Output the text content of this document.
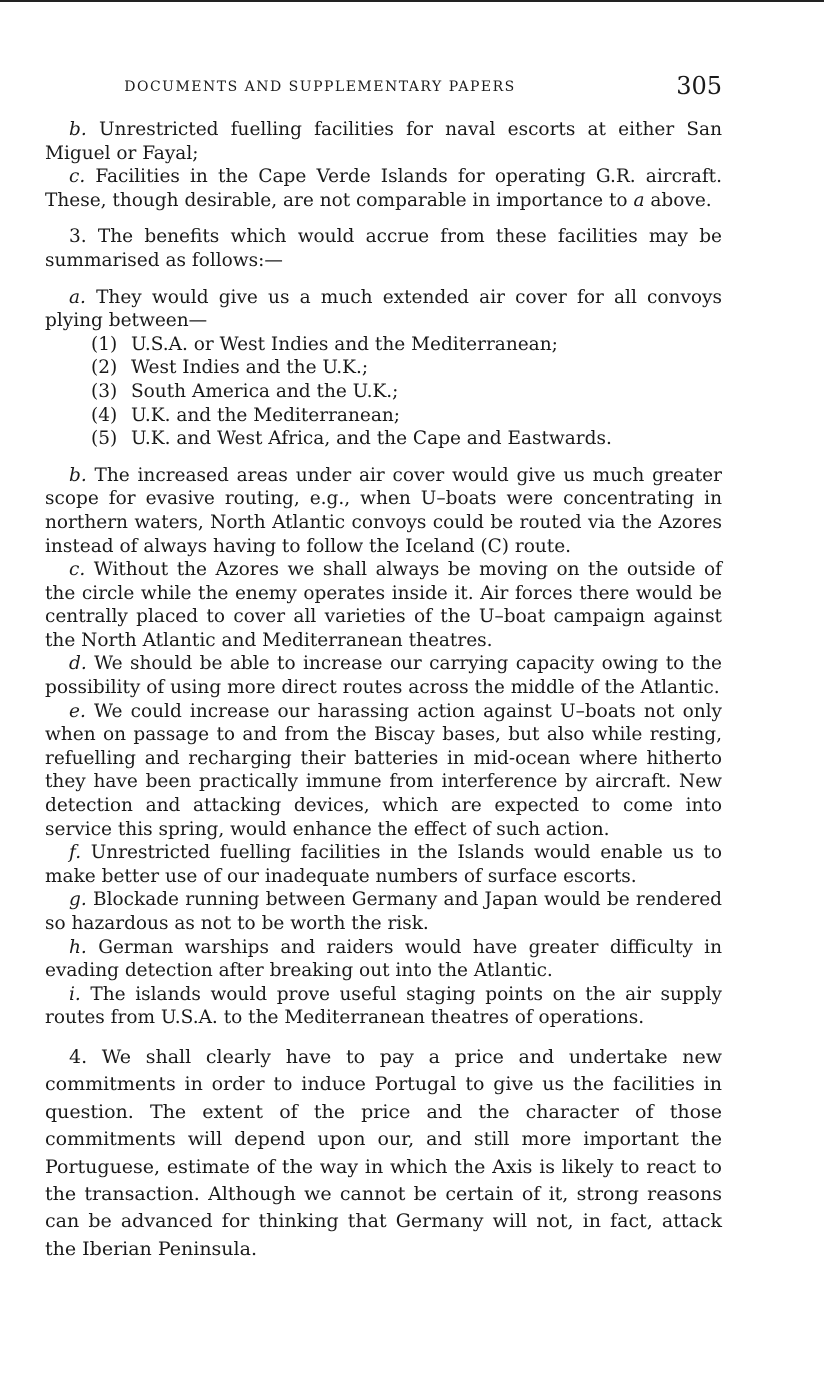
DOCUMENTS AND SUPPLEMENTARY PAPERS	305

b. Unrestricted fuelling facilities for naval escorts at either San Miguel or Fayal;

c. Facilities in the Cape Verde Islands for operating G.R. aircraft. These, though desirable, are not comparable in importance to a above.

3. The benefits which would accrue from these facilities may be summarised as follows:—

a. They would give us a much extended air cover for all convoys plying between—

(1) U.S.A. or West Indies and the Mediterranean;
(2) West Indies and the U.K.;
(3) South America and the U.K.;
(4) U.K. and the Mediterranean;
(5) U.K. and West Africa, and the Cape and Eastwards.

b. The increased areas under air cover would give us much greater scope for evasive routing, e.g., when U–boats were concentrating in northern waters, North Atlantic convoys could be routed via the Azores instead of always having to follow the Iceland (C) route.

c. Without the Azores we shall always be moving on the outside of the circle while the enemy operates inside it. Air forces there would be centrally placed to cover all varieties of the U–boat campaign against the North Atlantic and Mediterranean theatres.

d. We should be able to increase our carrying capacity owing to the possibility of using more direct routes across the middle of the Atlantic.

e. We could increase our harassing action against U–boats not only when on passage to and from the Biscay bases, but also while resting, refuelling and recharging their batteries in mid-ocean where hitherto they have been practically immune from interference by aircraft. New detection and attacking devices, which are expected to come into service this spring, would enhance the effect of such action.

f. Unrestricted fuelling facilities in the Islands would enable us to make better use of our inadequate numbers of surface escorts.

g. Blockade running between Germany and Japan would be rendered so hazardous as not to be worth the risk.

h. German warships and raiders would have greater difficulty in evading detection after breaking out into the Atlantic.

i. The islands would prove useful staging points on the air supply routes from U.S.A. to the Mediterranean theatres of operations.

4. We shall clearly have to pay a price and undertake new commitments in order to induce Portugal to give us the facilities in question. The extent of the price and the character of those commitments will depend upon our, and still more important the Portuguese, estimate of the way in which the Axis is likely to react to the transaction. Although we cannot be certain of it, strong reasons can be advanced for thinking that Germany will not, in fact, attack the Iberian Peninsula.
